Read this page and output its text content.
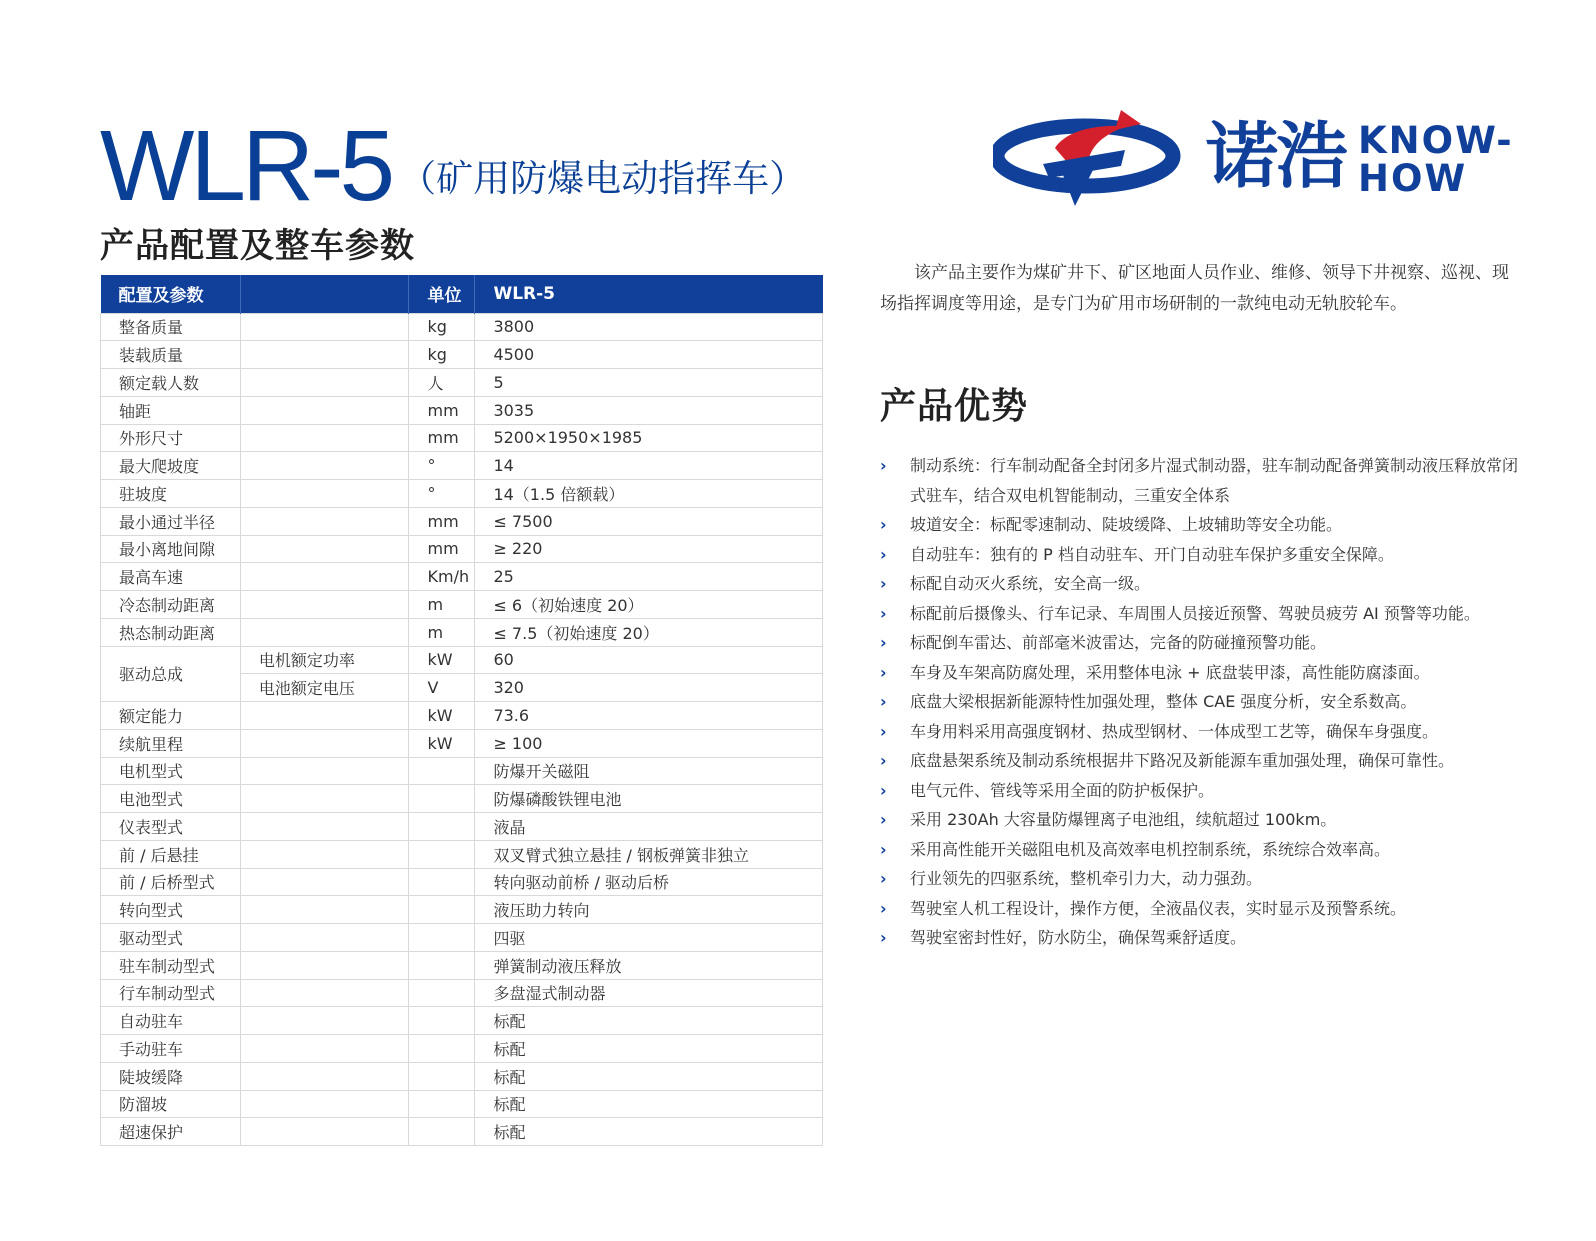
WLR-5 （矿用防爆电动指挥车）
产品配置及整车参数
诺浩 KNOW-
HOW
配置及参数		单位	WLR-5
整备质量		kg	3800
装载质量		kg	4500
额定载人数		人	5
轴距		mm	3035
外形尺寸		mm	5200×1950×1985
最大爬坡度		°	14
驻坡度		°	14（1.5 倍额载）
最小通过半径		mm	≤ 7500
最小离地间隙		mm	≥ 220
最高车速		Km/h	25
冷态制动距离		m	≤ 6（初始速度 20）
热态制动距离		m	≤ 7.5（初始速度 20）
驱动总成	电机额定功率	kW	60
	电池额定电压	V	320
额定能力		kW	73.6
续航里程		kW	≥ 100
电机型式			防爆开关磁阻
电池型式			防爆磷酸铁锂电池
仪表型式			液晶
前 / 后悬挂			双叉臂式独立悬挂 / 钢板弹簧非独立
前 / 后桥型式			转向驱动前桥 / 驱动后桥
转向型式			液压助力转向
驱动型式			四驱
驻车制动型式			弹簧制动液压释放
行车制动型式			多盘湿式制动器
自动驻车			标配
手动驻车			标配
陡坡缓降			标配
防溜坡			标配
超速保护			标配

该产品主要作为煤矿井下、矿区地面人员作业、维修、领导下井视察、巡视、现场指挥调度等用途，是专门为矿用市场研制的一款纯电动无轨胶轮车。

产品优势
› 制动系统：行车制动配备全封闭多片湿式制动器，驻车制动配备弹簧制动液压释放常闭式驻车，结合双电机智能制动，三重安全体系
› 坡道安全：标配零速制动、陡坡缓降、上坡辅助等安全功能。
› 自动驻车：独有的 P 档自动驻车、开门自动驻车保护多重安全保障。
› 标配自动灭火系统，安全高一级。
› 标配前后摄像头、行车记录、车周围人员接近预警、驾驶员疲劳 AI 预警等功能。
› 标配倒车雷达、前部毫米波雷达，完备的防碰撞预警功能。
› 车身及车架高防腐处理，采用整体电泳 + 底盘装甲漆，高性能防腐漆面。
› 底盘大梁根据新能源特性加强处理，整体 CAE 强度分析，安全系数高。
› 车身用料采用高强度钢材、热成型钢材、一体成型工艺等，确保车身强度。
› 底盘悬架系统及制动系统根据井下路况及新能源车重加强处理，确保可靠性。
› 电气元件、管线等采用全面的防护板保护。
› 采用 230Ah 大容量防爆锂离子电池组，续航超过 100km。
› 采用高性能开关磁阻电机及高效率电机控制系统，系统综合效率高。
› 行业领先的四驱系统，整机牵引力大，动力强劲。
› 驾驶室人机工程设计，操作方便，全液晶仪表，实时显示及预警系统。
› 驾驶室密封性好，防水防尘，确保驾乘舒适度。
